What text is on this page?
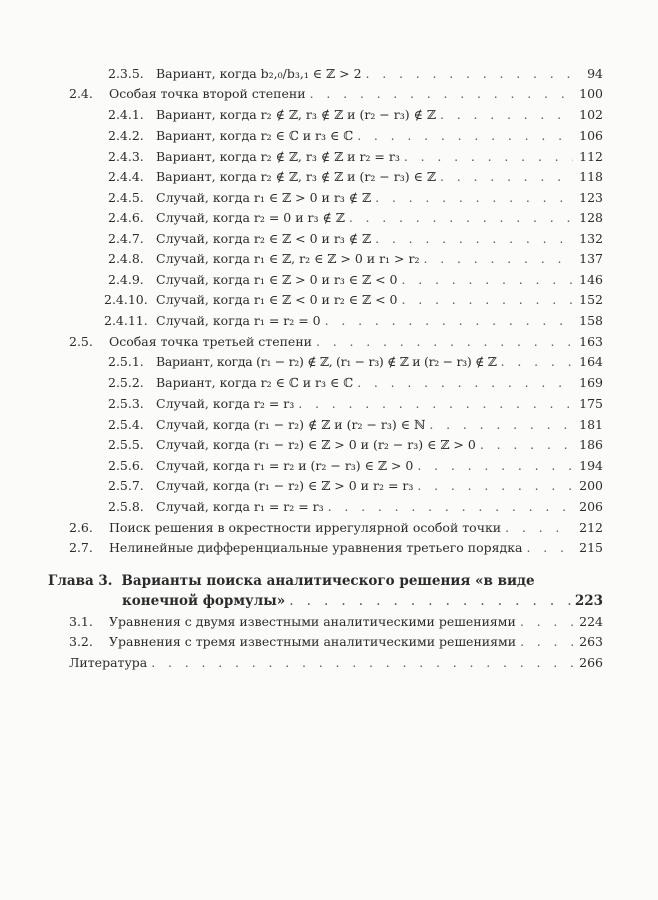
2.3.5. Вариант, когда b₂,₀/b₃,₁ ∈ ℤ > 2 . . .	94
2.4.	Особая точка второй степени . . .	100
2.4.1. Вариант, когда r₂ ∉ ℤ, r₃ ∉ ℤ и (r₂ − r₃) ∉ ℤ . . .	102
2.4.2. Вариант, когда r₂ ∈ ℂ и r₃ ∈ ℂ . . .	106
2.4.3. Вариант, когда r₂ ∉ ℤ, r₃ ∉ ℤ и r₂ = r₃ . . .	112
2.4.4. Вариант, когда r₂ ∉ ℤ, r₃ ∉ ℤ и (r₂ − r₃) ∈ ℤ . . .	118
2.4.5. Случай, когда r₁ ∈ ℤ > 0 и r₃ ∉ ℤ . . .	123
2.4.6. Случай, когда r₂ = 0 и r₃ ∉ ℤ . . .	128
2.4.7. Случай, когда r₂ ∈ ℤ < 0 и r₃ ∉ ℤ . . .	132
2.4.8. Случай, когда r₁ ∈ ℤ, r₂ ∈ ℤ > 0 и r₁ > r₂ . . .	137
2.4.9. Случай, когда r₁ ∈ ℤ > 0 и r₃ ∈ ℤ < 0 . . .	146
2.4.10. Случай, когда r₁ ∈ ℤ < 0 и r₂ ∈ ℤ < 0 . . .	152
2.4.11. Случай, когда r₁ = r₂ = 0 . . .	158
2.5.	Особая точка третьей степени . . .	163
2.5.1. Вариант, когда (r₁ − r₂) ∉ ℤ, (r₁ − r₃) ∉ ℤ и (r₂ − r₃) ∉ ℤ . . .	164
2.5.2. Вариант, когда r₂ ∈ ℂ и r₃ ∈ ℂ . . .	169
2.5.3. Случай, когда r₂ = r₃ . . .	175
2.5.4. Случай, когда (r₁ − r₂) ∉ ℤ и (r₂ − r₃) ∈ ℕ . . .	181
2.5.5. Случай, когда (r₁ − r₂) ∈ ℤ > 0 и (r₂ − r₃) ∈ ℤ > 0 . . .	186
2.5.6. Случай, когда r₁ = r₂ и (r₂ − r₃) ∈ ℤ > 0 . . .	194
2.5.7. Случай, когда (r₁ − r₂) ∈ ℤ > 0 и r₂ = r₃ . . .	200
2.5.8. Случай, когда r₁ = r₂ = r₃ . . .	206
2.6.	Поиск решения в окрестности иррегулярной особой точки . . .	212
2.7.	Нелинейные дифференциальные уравнения третьего порядка . . .	215
Глава 3. Варианты поиска аналитического решения «в виде
конечной формулы» . . .	223
3.1.	Уравнения с двумя известными аналитическими решениями . . .	224
3.2.	Уравнения с тремя известными аналитическими решениями . . .	263
Литература . . .	266
